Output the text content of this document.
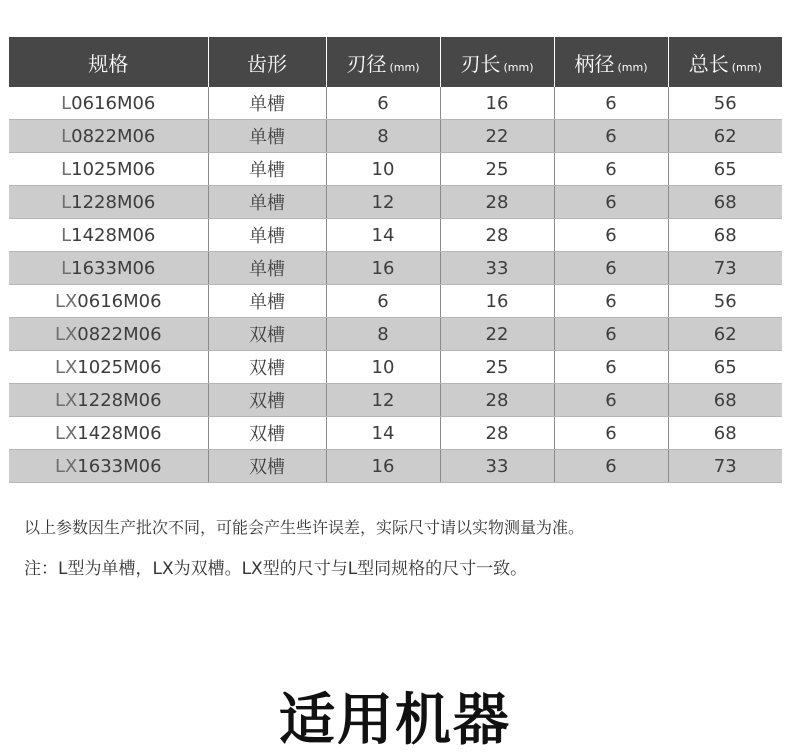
规格	齿形	刃径 (mm)	刃长 (mm)	柄径 (mm)	总长 (mm)
L0616M06	单槽	6	16	6	56
L0822M06	单槽	8	22	6	62
L1025M06	单槽	10	25	6	65
L1228M06	单槽	12	28	6	68
L1428M06	单槽	14	28	6	68
L1633M06	单槽	16	33	6	73
LX0616M06	单槽	6	16	6	56
LX0822M06	双槽	8	22	6	62
LX1025M06	双槽	10	25	6	65
LX1228M06	双槽	12	28	6	68
LX1428M06	双槽	14	28	6	68
LX1633M06	双槽	16	33	6	73
以上参数因生产批次不同，可能会产生些许误差，实际尺寸请以实物测量为准。
注：L型为单槽，LX为双槽。LX型的尺寸与L型同规格的尺寸一致。
适用机器
